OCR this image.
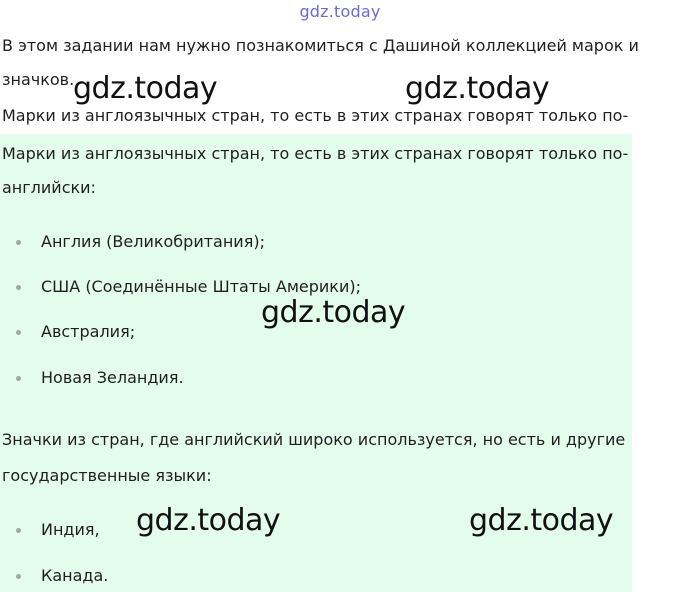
gdz.today
В этом задании нам нужно познакомиться с Дашиной коллекцией марок и
значков.
Марки из англоязычных стран, то есть в этих странах говорят только по-
Марки из англоязычных стран, то есть в этих странах говорят только по-
английски:
Англия (Великобритания);
США (Соединённые Штаты Америки);
Австралия;
Новая Зеландия.
Значки из стран, где английский широко используется, но есть и другие
государственные языки:
Индия,
Канада.
gdz.today	gdz.today
gdz.today
gdz.today	gdz.today
